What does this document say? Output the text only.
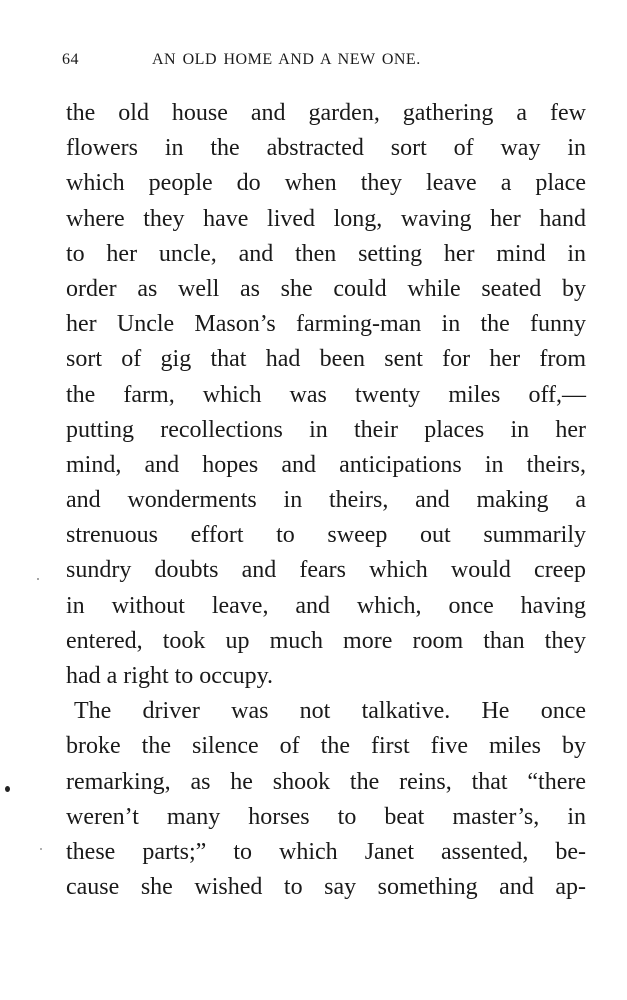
64	AN OLD HOME AND A NEW ONE.
the old house and garden, gathering a few
flowers in the abstracted sort of way in
which people do when they leave a place
where they have lived long, waving her hand
to her uncle, and then setting her mind in
order as well as she could while seated by
her Uncle Mason’s farming-man in the funny
sort of gig that had been sent for her from
the farm, which was twenty miles off,—
putting recollections in their places in her
mind, and hopes and anticipations in theirs,
and wonderments in theirs, and making a
strenuous effort to sweep out summarily
sundry doubts and fears which would creep
in without leave, and which, once having
entered, took up much more room than they
had a right to occupy.
The driver was not talkative. He once
broke the silence of the first five miles by
remarking, as he shook the reins, that “there
weren’t many horses to beat master’s, in
these parts;” to which Janet assented, be-
cause she wished to say something and ap-
